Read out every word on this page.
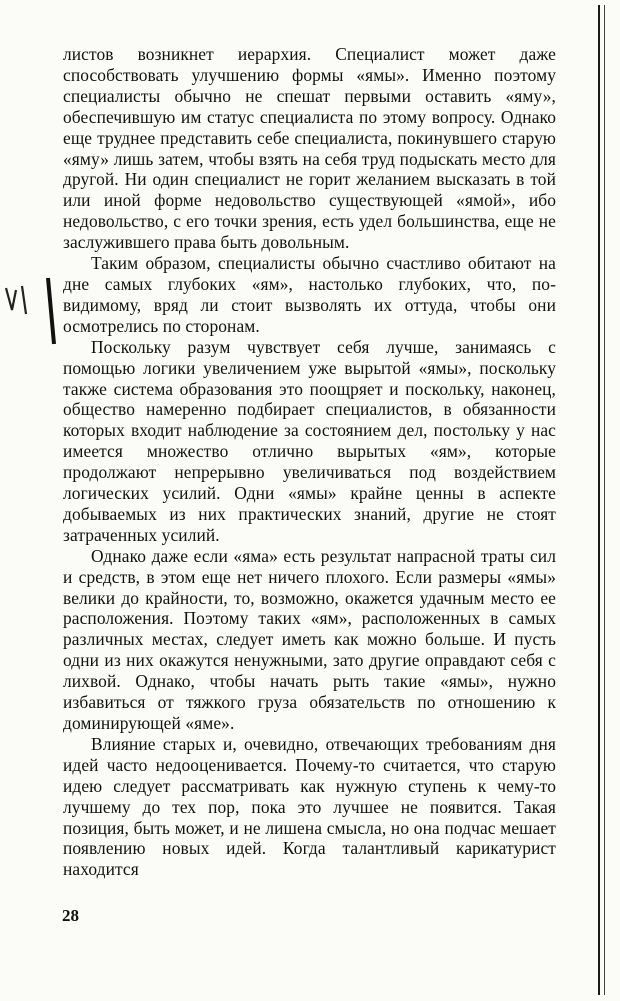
листов возникнет иерархия. Специалист может даже способствовать улучшению формы «ямы». Именно поэтому специалисты обычно не спешат первыми оставить «яму», обеспечившую им статус специалиста по этому вопросу. Однако еще труднее представить себе специалиста, покинувшего старую «яму» лишь затем, чтобы взять на себя труд подыскать место для другой. Ни один специалист не горит желанием высказать в той или иной форме недовольство существующей «ямой», ибо недовольство, с его точки зрения, есть удел большинства, еще не заслужившего права быть довольным.

Таким образом, специалисты обычно счастливо обитают на дне самых глубоких «ям», настолько глубоких, что, по-видимому, вряд ли стоит вызволять их оттуда, чтобы они осмотрелись по сторонам.

Поскольку разум чувствует себя лучше, занимаясь с помощью логики увеличением уже вырытой «ямы», поскольку также система образования это поощряет и поскольку, наконец, общество намеренно подбирает специалистов, в обязанности которых входит наблюдение за состоянием дел, постольку у нас имеется множество отлично вырытых «ям», которые продолжают непрерывно увеличиваться под воздействием логических усилий. Одни «ямы» крайне ценны в аспекте добываемых из них практических знаний, другие не стоят затраченных усилий.

Однако даже если «яма» есть результат напрасной траты сил и средств, в этом еще нет ничего плохого. Если размеры «ямы» велики до крайности, то, возможно, окажется удачным место ее расположения. Поэтому таких «ям», расположенных в самых различных местах, следует иметь как можно больше. И пусть одни из них окажутся ненужными, зато другие оправдают себя с лихвой. Однако, чтобы начать рыть такие «ямы», нужно избавиться от тяжкого груза обязательств по отношению к доминирующей «яме».

Влияние старых и, очевидно, отвечающих требованиям дня идей часто недооценивается. Почему-то считается, что старую идею следует рассматривать как нужную ступень к чему-то лучшему до тех пор, пока это лучшее не появится. Такая позиция, быть может, и не лишена смысла, но она подчас мешает появлению новых идей. Когда талантливый карикатурист находится

28
